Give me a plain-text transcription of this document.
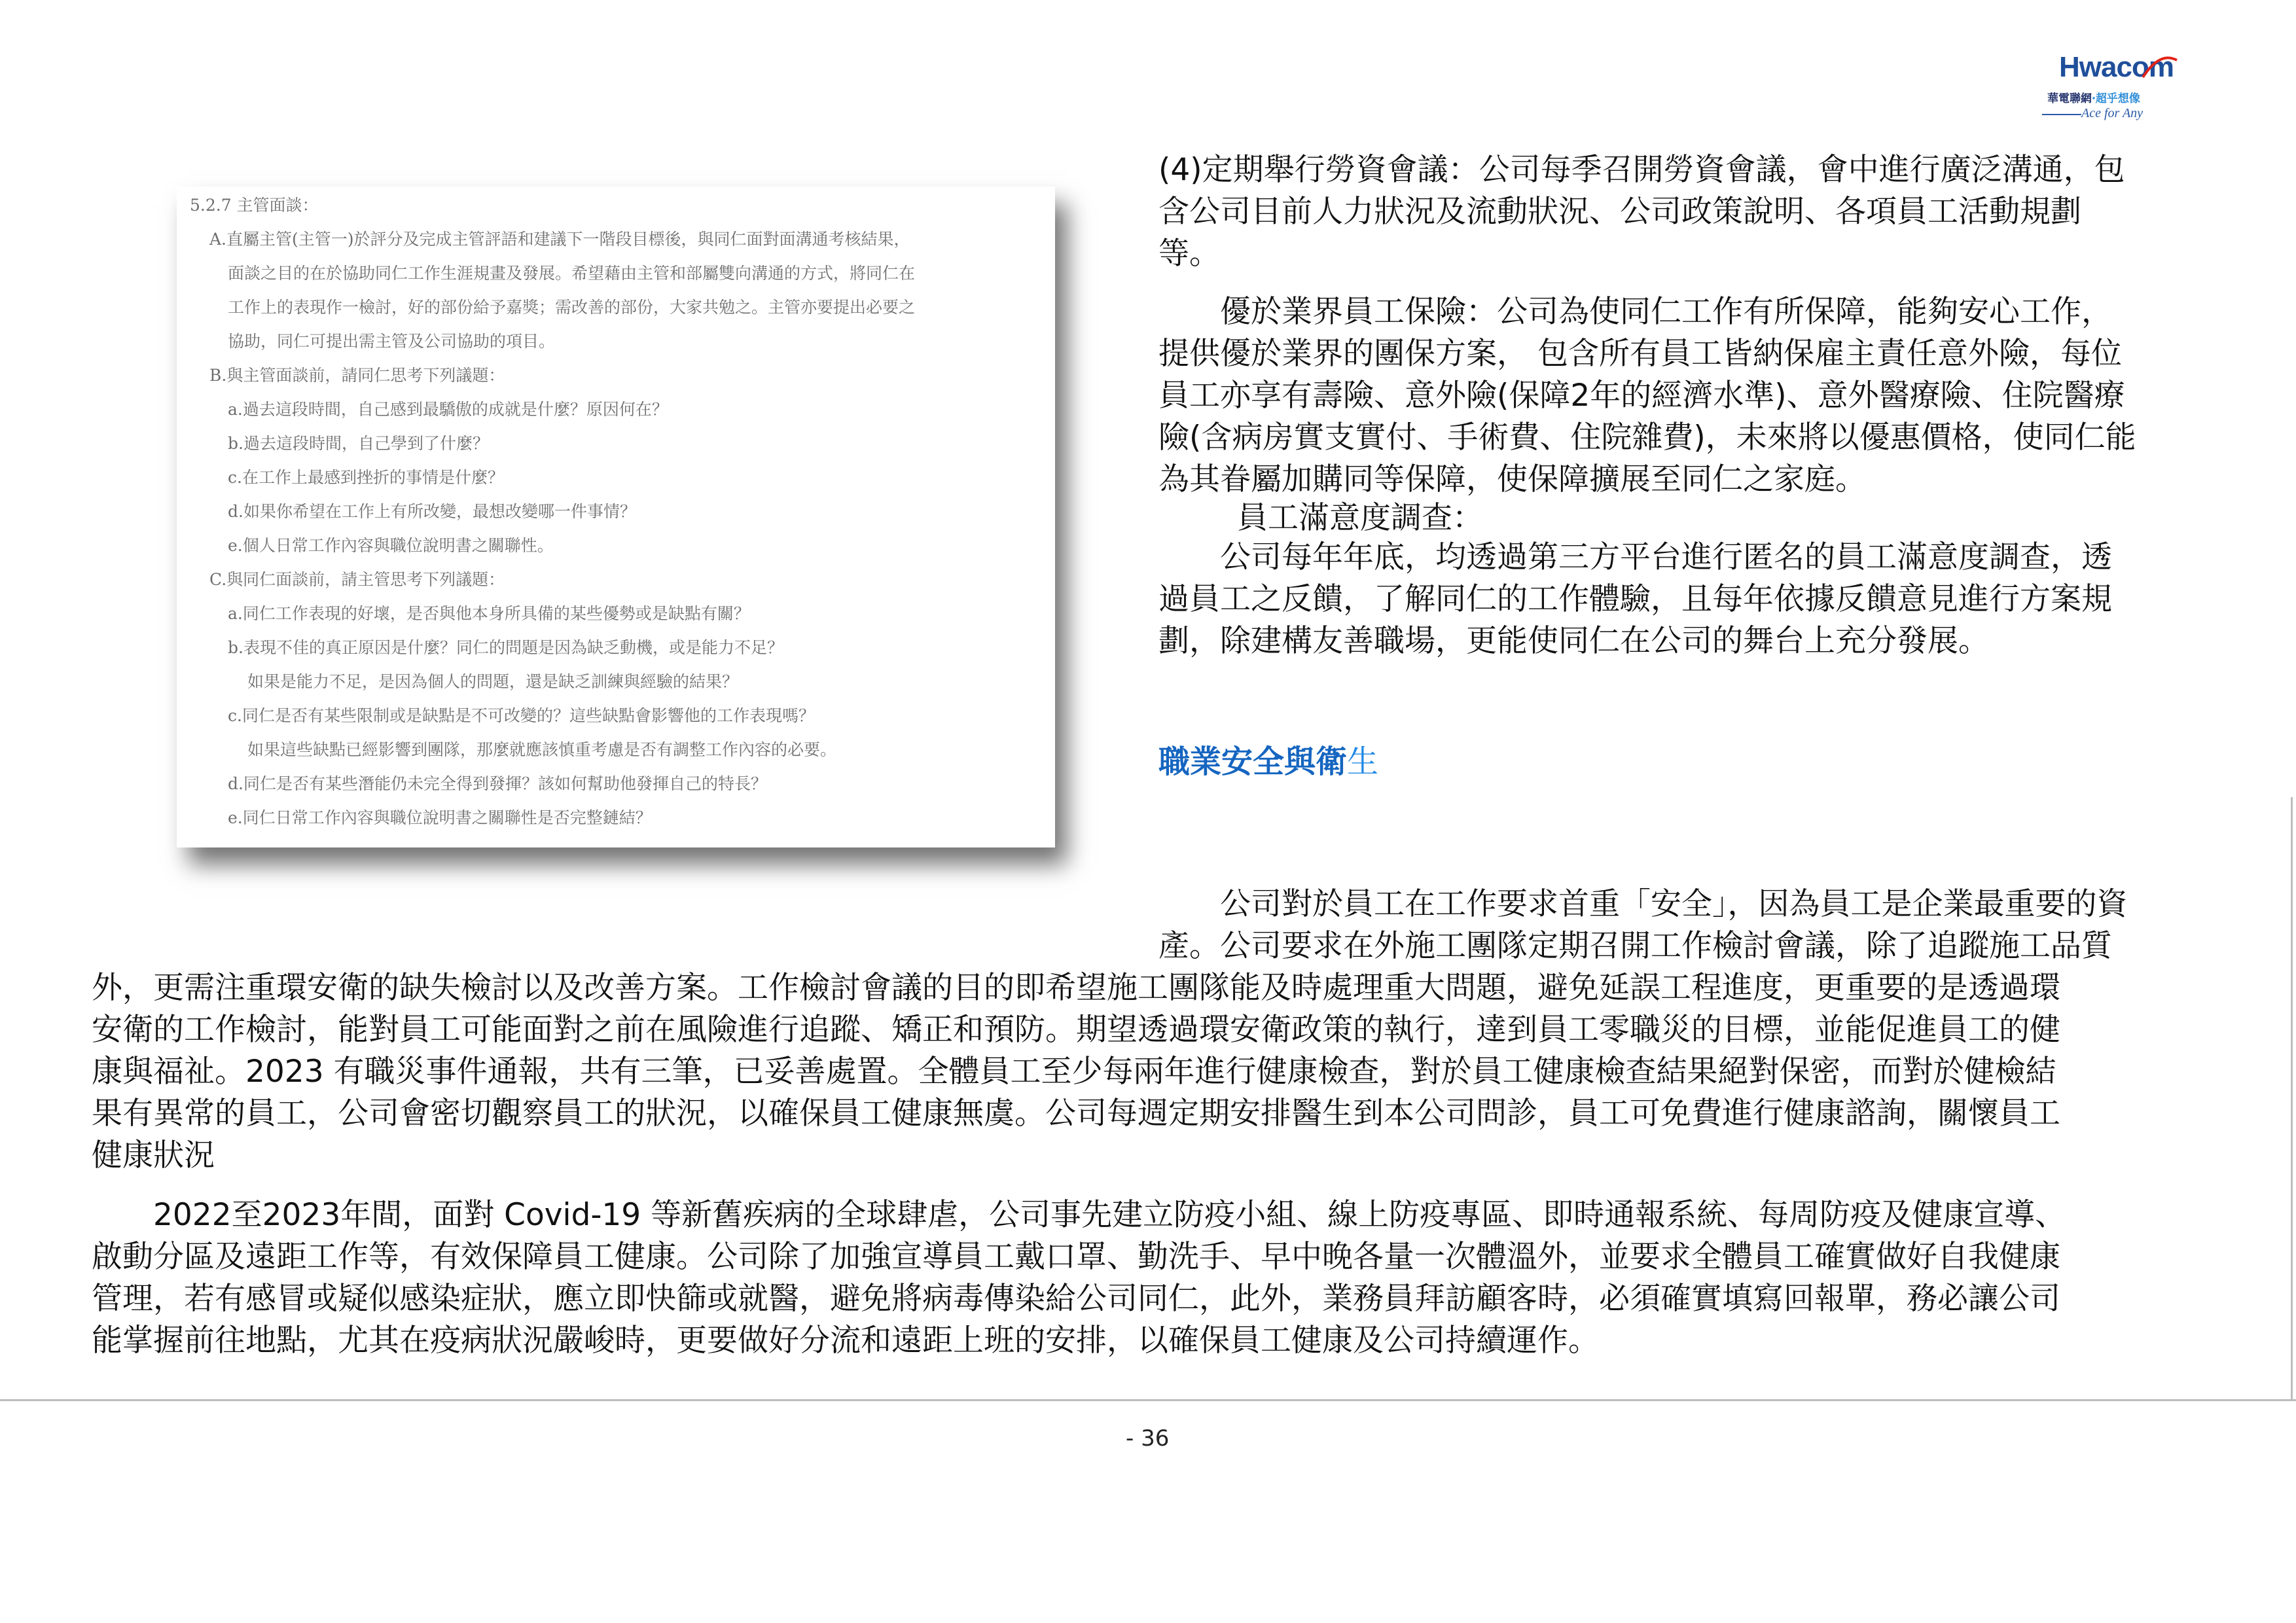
Hwacom
華電聯網‧超乎想像
Ace for Any
5.2.7 主管面談：
A.直屬主管(主管一)於評分及完成主管評語和建議下一階段目標後，與同仁面對面溝通考核結果，
面談之目的在於協助同仁工作生涯規畫及發展。希望藉由主管和部屬雙向溝通的方式，將同仁在
工作上的表現作一檢討，好的部份給予嘉獎；需改善的部份，大家共勉之。主管亦要提出必要之
協助，同仁可提出需主管及公司協助的項目。
B.與主管面談前，請同仁思考下列議題：
a.過去這段時間，自己感到最驕傲的成就是什麼？原因何在？
b.過去這段時間，自己學到了什麼？
c.在工作上最感到挫折的事情是什麼？
d.如果你希望在工作上有所改變，最想改變哪一件事情？
e.個人日常工作內容與職位說明書之關聯性。
C.與同仁面談前，請主管思考下列議題：
a.同仁工作表現的好壞，是否與他本身所具備的某些優勢或是缺點有關？
b.表現不佳的真正原因是什麼？同仁的問題是因為缺乏動機，或是能力不足？
如果是能力不足，是因為個人的問題，還是缺乏訓練與經驗的結果？
c.同仁是否有某些限制或是缺點是不可改變的？這些缺點會影響他的工作表現嗎？
如果這些缺點已經影響到團隊，那麼就應該慎重考慮是否有調整工作內容的必要。
d.同仁是否有某些潛能仍未完全得到發揮？該如何幫助他發揮自己的特長？
e.同仁日常工作內容與職位說明書之關聯性是否完整鏈結？
(4)定期舉行勞資會議：公司每季召開勞資會議，會中進行廣泛溝通，包
含公司目前人力狀況及流動狀況、公司政策說明、各項員工活動規劃
等。
　　優於業界員工保險：公司為使同仁工作有所保障，能夠安心工作，
提供優於業界的團保方案， 包含所有員工皆納保雇主責任意外險，每位
員工亦享有壽險、意外險(保障2年的經濟水準)、意外醫療險、住院醫療
險(含病房實支實付、手術費、住院雜費)，未來將以優惠價格，使同仁能
為其眷屬加購同等保障，使保障擴展至同仁之家庭。
員工滿意度調查：
　　公司每年年底，均透過第三方平台進行匿名的員工滿意度調查，透
過員工之反饋，了解同仁的工作體驗，且每年依據反饋意見進行方案規
劃，除建構友善職場，更能使同仁在公司的舞台上充分發展。
職業安全與衛生
　　公司對於員工在工作要求首重「安全」，因為員工是企業最重要的資
產。公司要求在外施工團隊定期召開工作檢討會議，除了追蹤施工品質
外，更需注重環安衛的缺失檢討以及改善方案。工作檢討會議的目的即希望施工團隊能及時處理重大問題，避免延誤工程進度，更重要的是透過環
安衛的工作檢討，能對員工可能面對之前在風險進行追蹤、矯正和預防。期望透過環安衛政策的執行，達到員工零職災的目標，並能促進員工的健
康與福祉。2023 有職災事件通報，共有三筆，已妥善處置。全體員工至少每兩年進行健康檢查，對於員工健康檢查結果絕對保密，而對於健檢結
果有異常的員工，公司會密切觀察員工的狀況，以確保員工健康無虞。公司每週定期安排醫生到本公司問診，員工可免費進行健康諮詢，關懷員工
健康狀況
　　2022至2023年間，面對 Covid-19 等新舊疾病的全球肆虐，公司事先建立防疫小組、線上防疫專區、即時通報系統、每周防疫及健康宣導、
啟動分區及遠距工作等，有效保障員工健康。公司除了加強宣導員工戴口罩、勤洗手、早中晚各量一次體溫外，並要求全體員工確實做好自我健康
管理，若有感冒或疑似感染症狀，應立即快篩或就醫，避免將病毒傳染給公司同仁，此外，業務員拜訪顧客時，必須確實填寫回報單，務必讓公司
能掌握前往地點，尤其在疫病狀況嚴峻時，更要做好分流和遠距上班的安排，以確保員工健康及公司持續運作。
- 36
